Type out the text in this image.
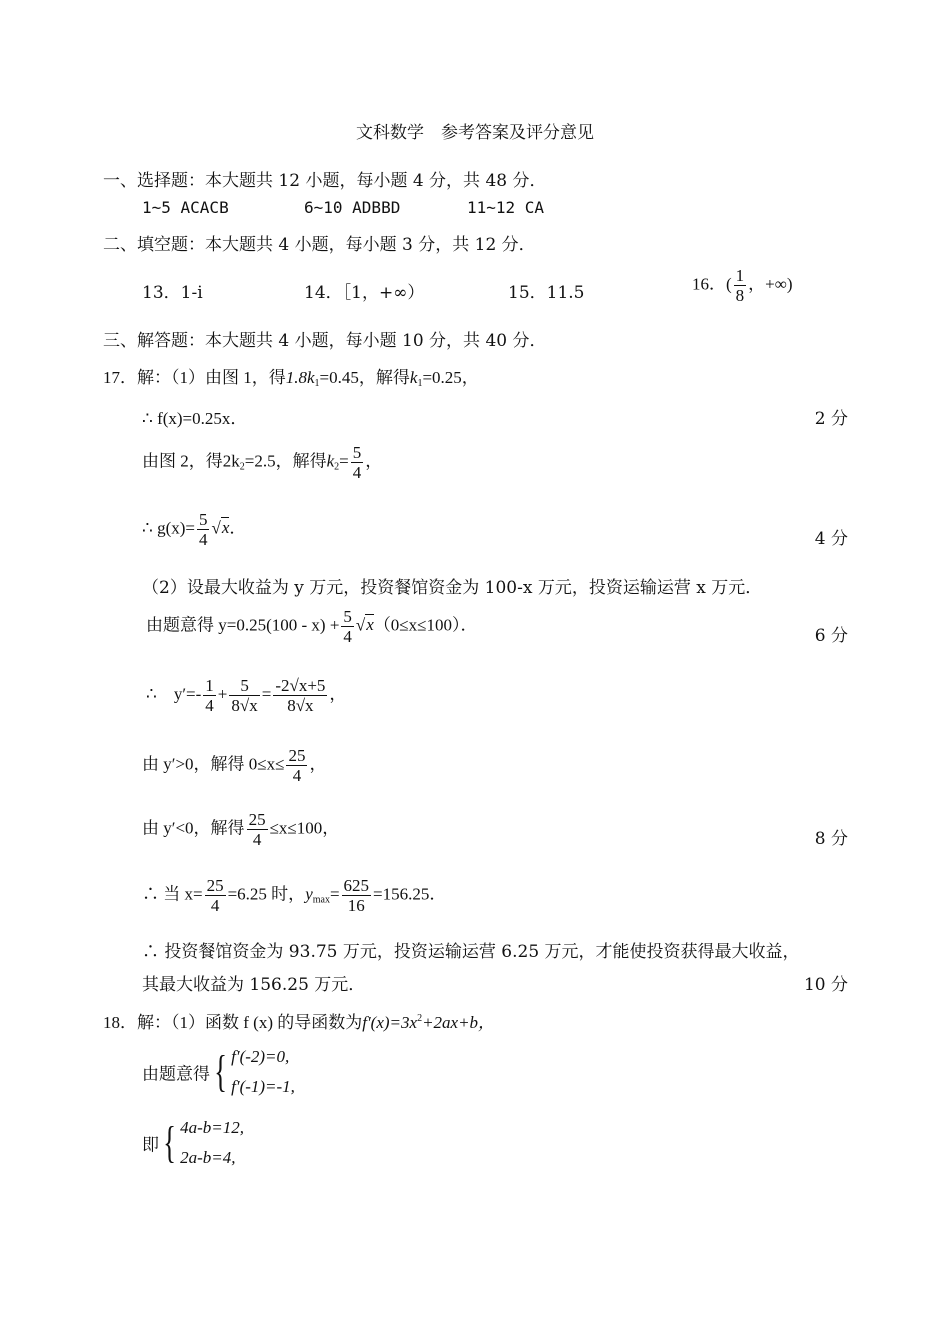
文科数学　参考答案及评分意见
一、选择题：本大题共 12 小题，每小题 4 分，共 48 分．
1~5 ACACB	6~10 ADBBD	11~12 CA
二、填空题：本大题共 4 小题，每小题 3 分，共 12 分．
13．1-i	14．［1，+∞）	15．11.5	16．( $\frac{1}{8}$ ，+∞)
三、解答题：本大题共 4 小题，每小题 10 分，共 40 分．
17．解：（1）由图 1，得$1.8k_1=0.45$，解得$k_1=0.25$，
∴ f(x)=0.25x．	2 分
由图 2，得$2k_2=2.5$，解得$k_2= \frac{5}{4}$ ，
∴ $g(x)= \frac{5}{4} √x$．
4 分
（2）设最大收益为 y 万元，投资餐馆资金为 100-x 万元，投资运输运营 x 万元．
由题意得 $y=0.25(100 - x) + \frac{5}{4} √x(0\le x\le 100)$．
6 分
∴　$y'=- \frac{1}{4} + \frac{5}{8√x} = \frac{-2√x+5}{8√x}$ ，
由 y′>0，解得 $0\le x\le \frac{25}{4}$ ，
由 y′<0，解得 $\frac{25}{4} \le x\le 100$，
8 分
∴ 当 $x= \frac{25}{4} =6.25$ 时，$y_{max}= \frac{625}{16} =156.25$．
∴ 投资餐馆资金为 93.75 万元，投资运输运营 6.25 万元，才能使投资获得最大收益，
其最大收益为 156.25 万元．	10 分
18．解：（1）函数 f (x) 的导函数为$f'(x)=3x^2+2ax+b$，
由题意得{ f′(-2)=0,
f′(-1)=-1,
即{ 4a-b=12,
2a-b=4,
